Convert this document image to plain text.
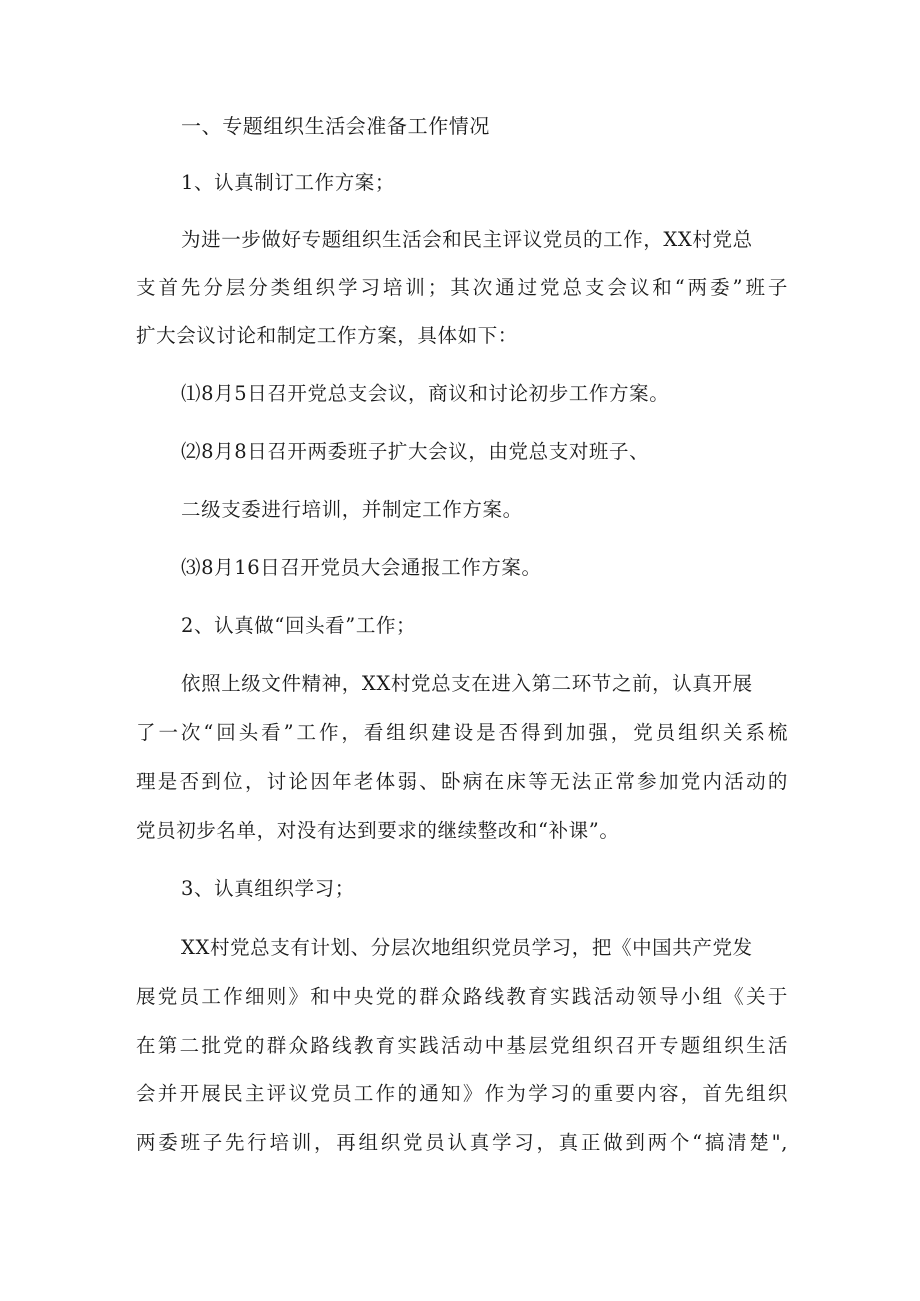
一、专题组织生活会准备工作情况
1、认真制订工作方案；
为进一步做好专题组织生活会和民主评议党员的工作，XX村党总
支首先分层分类组织学习培训；其次通过党总支会议和“两委”班子
扩大会议讨论和制定工作方案，具体如下：
⑴8月5日召开党总支会议，商议和讨论初步工作方案。
⑵8月8日召开两委班子扩大会议，由党总支对班子、
二级支委进行培训，并制定工作方案。
⑶8月16日召开党员大会通报工作方案。
2、认真做“回头看”工作；
依照上级文件精神，XX村党总支在进入第二环节之前，认真开展
了一次“回头看”工作，看组织建设是否得到加强，党员组织关系梳
理是否到位，讨论因年老体弱、卧病在床等无法正常参加党内活动的
党员初步名单，对没有达到要求的继续整改和“补课”。
3、认真组织学习；
XX村党总支有计划、分层次地组织党员学习，把《中国共产党发
展党员工作细则》和中央党的群众路线教育实践活动领导小组《关于
在第二批党的群众路线教育实践活动中基层党组织召开专题组织生活
会并开展民主评议党员工作的通知》作为学习的重要内容，首先组织
两委班子先行培训，再组织党员认真学习，真正做到两个“搞清楚",
